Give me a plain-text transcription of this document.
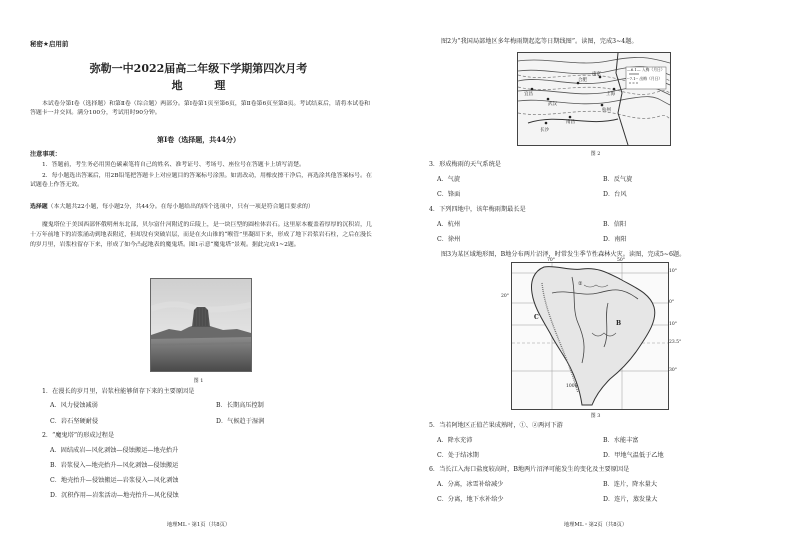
秘密★启用前
弥勒一中2022届高二年级下学期第四次月考
地 理
本试卷分第Ⅰ卷（选择题）和第Ⅱ卷（综合题）两部分。第Ⅰ卷第1页至第6页，第Ⅱ卷第6页至第8页。考试结束后，请将本试卷和答题卡一并交回。满分100分，考试用时90分钟。
第Ⅰ卷（选择题，共44分）
注意事项：
1．答题前，考生务必用黑色碳素笔将自己的姓名、准考证号、考场号、座位号在答题卡上填写清楚。
2．每小题选出答案后，用2B铅笔把答题卡上对应题目的答案标号涂黑。如需改动，用橡皮擦干净后，再选涂其他答案标号。在试题卷上作答无效。
选择题（本大题共22小题，每小题2分，共44分。在每小题给出的四个选项中，只有一项是符合题目要求的）
魔鬼塔位于美国西部怀俄明州东北部，贝尔富什河附近的丘陵上，是一块巨型的圆柱体岩石。这里原本覆盖着厚厚的沉积岩，几十万年前地下的岩浆涌动到地表附近，但却没有突破岩层，而是在火山锥的“喉管”里凝固下来，形成了地下岩浆岩石柱，之后在漫长的岁月里，岩浆柱留存下来，形成了如今凸起地表的魔鬼塔。图1示意“魔鬼塔”景观。据此完成1~2题。
图 1
1．在漫长的岁月里，岩浆柱能够留存下来的主要原因是
A．风力侵蚀减弱	B．长期高压控制
C．岩石坚硬耐侵	D．气候趋于湿润
2．“魔鬼塔”的形成过程是
A．固结成岩—风化剥蚀—侵蚀搬运—地壳抬升
B．岩浆侵入—地壳抬升—风化剥蚀—侵蚀搬运
C．地壳抬升—侵蚀搬运—岩浆侵入—风化剥蚀
D．沉积作用—岩浆活动—地壳抬升—风化侵蚀
地理ML・第1页（共8页）
图2为“我国局部地区多年梅雨期起迄等日期线图”。读图，完成3~4题。
合肥
南京
上海
杭州
南昌
长沙
武汉
宜昌
—6.1— 入梅（月日）
--7.1-- 出梅（月日）
图 2
3．形成梅雨的天气系统是
A．气旋	B．反气旋
C．锋面	D．台风
4．下列四地中，该年梅雨期最长是
A．杭州	B．信阳
C．徐州	D．南阳
图3为某区域地形图，B地分布两片沼泽，时常发生季节性森林火灾。读图，完成5~6题。
B
C
②
1000
10°
0°
10°
23.5°
30°
70°	50°
20°
图 3
5．当若阿地区正值芒果成熟时，①、②两河下游
A．降水充沛	B．水能丰富
C．处于结冰期	D．甲地气温低于乙地
6．当长江入海口盐度较高时，B地两片沼泽可能发生的变化及主要原因是
A．分离，冰雪补给减少	B．连片，降水量大
C．分离，地下水补给少	D．连片，蒸发量大
地理ML・第2页（共8页）
